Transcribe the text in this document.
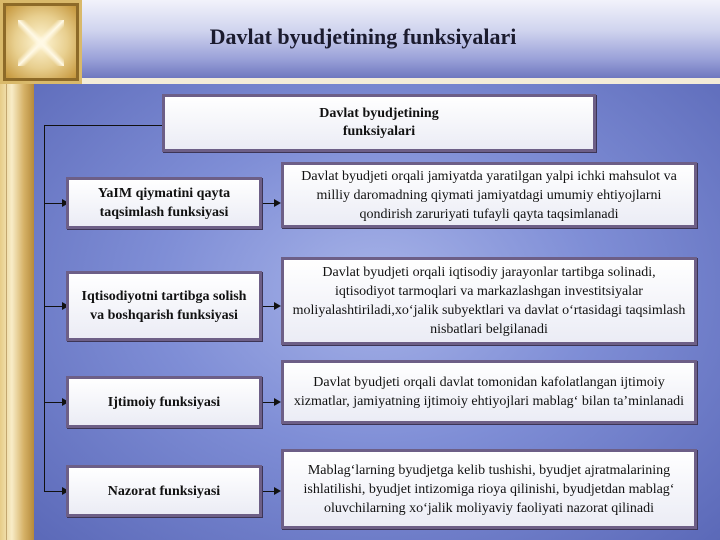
Davlat byudjetining funksiyalari
Davlat byudjetining funksiyalari
YaIM qiymatini qayta taqsimlash funksiyasi
Iqtisodiyotni tartibga solish va boshqarish funksiyasi
Ijtimoiy funksiyasi
Nazorat funksiyasi
Davlat byudjeti orqali jamiyatda yaratilgan yalpi ichki mahsulot va milliy daromadning qiymati jamiyatdagi umumiy ehtiyojlarni qondirish zaruriyati tufayli qayta taqsimlanadi
Davlat byudjeti orqali iqtisodiy jarayonlar tartibga solinadi, iqtisodiyot tarmoqlari va markazlashgan investitsiyalar moliyalashtiriladi,xo‘jalik subyektlari va davlat o‘rtasidagi taqsimlash nisbatlari belgilanadi
Davlat byudjeti orqali davlat tomonidan kafolatlangan ijtimoiy xizmatlar, jamiyatning ijtimoiy ehtiyojlari mablag‘ bilan ta’minlanadi
Mablag‘larning byudjetga kelib tushishi, byudjet ajratmalarining ishlatilishi, byudjet intizomiga rioya qilinishi, byudjetdan mablag‘ oluvchilarning xo‘jalik moliyaviy faoliyati nazorat qilinadi
